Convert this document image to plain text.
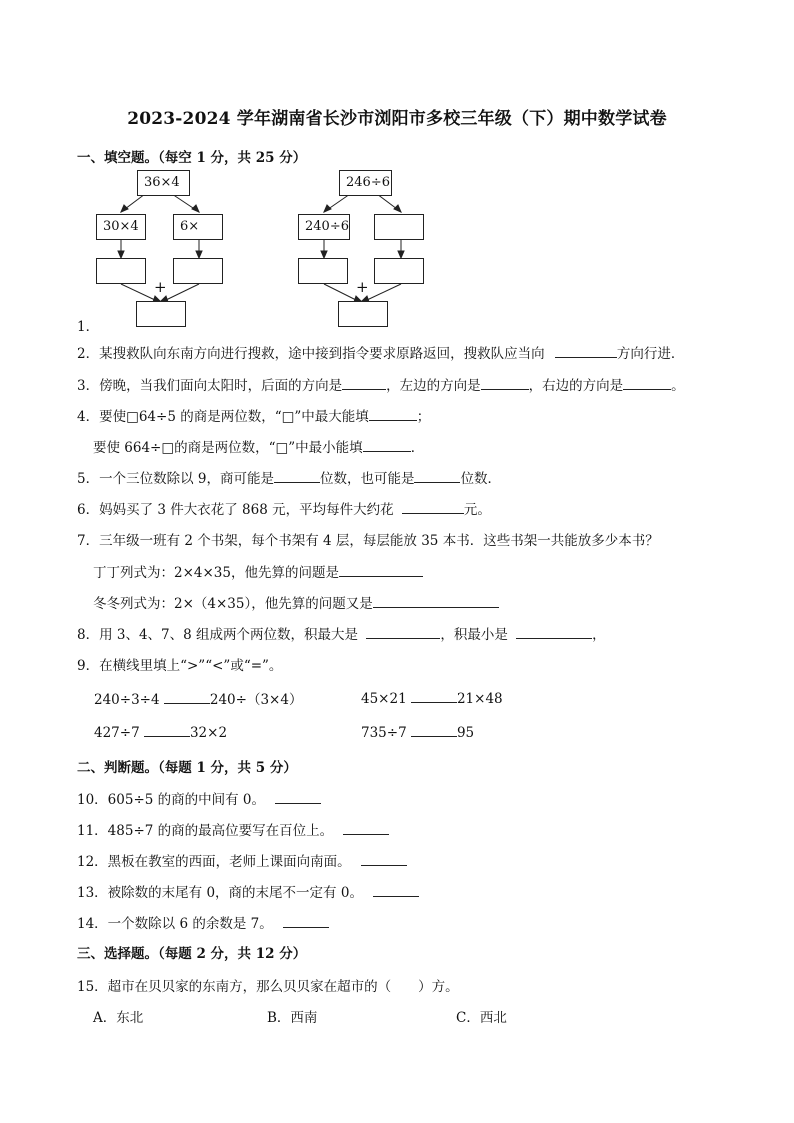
2023-2024 学年湖南省长沙市浏阳市多校三年级（下）期中数学试卷
一、填空题。（每空 1 分，共 25 分）
36×4
30×4	6×
+
246÷6
240÷6
+
1．
2．某搜救队向东南方向进行搜救，途中接到指令要求原路返回，搜救队应当向	方向行进．
3．傍晚，当我们面向太阳时，后面的方向是	，左边的方向是	，右边的方向是	。
4．要使□64÷5 的商是两位数，“□”中最大能填	；
要使 664÷□的商是两位数，“□”中最小能填	．
5．一个三位数除以 9，商可能是	位数，也可能是	位数．
6．妈妈买了 3 件大衣花了 868 元，平均每件大约花	元。
7．三年级一班有 2 个书架，每个书架有 4 层，每层能放 35 本书．这些书架一共能放多少本书？
丁丁列式为：2×4×35，他先算的问题是
冬冬列式为：2×（4×35），他先算的问题又是
8．用 3、4、7、8 组成两个两位数，积最大是	，积最小是	，
9．在横线里填上“>”“<”或“=”。
240÷3÷4	240÷（3×4）	45×21	21×48
427÷7	32×2	735÷7	95
二、判断题。（每题 1 分，共 5 分）
10．605÷5 的商的中间有 0。
11．485÷7 的商的最高位要写在百位上。
12．黑板在教室的西面，老师上课面向南面。
13．被除数的末尾有 0，商的末尾不一定有 0。
14．一个数除以 6 的余数是 7。
三、选择题。（每题 2 分，共 12 分）
15．超市在贝贝家的东南方，那么贝贝家在超市的（　　）方。
A．东北	B．西南	C．西北
